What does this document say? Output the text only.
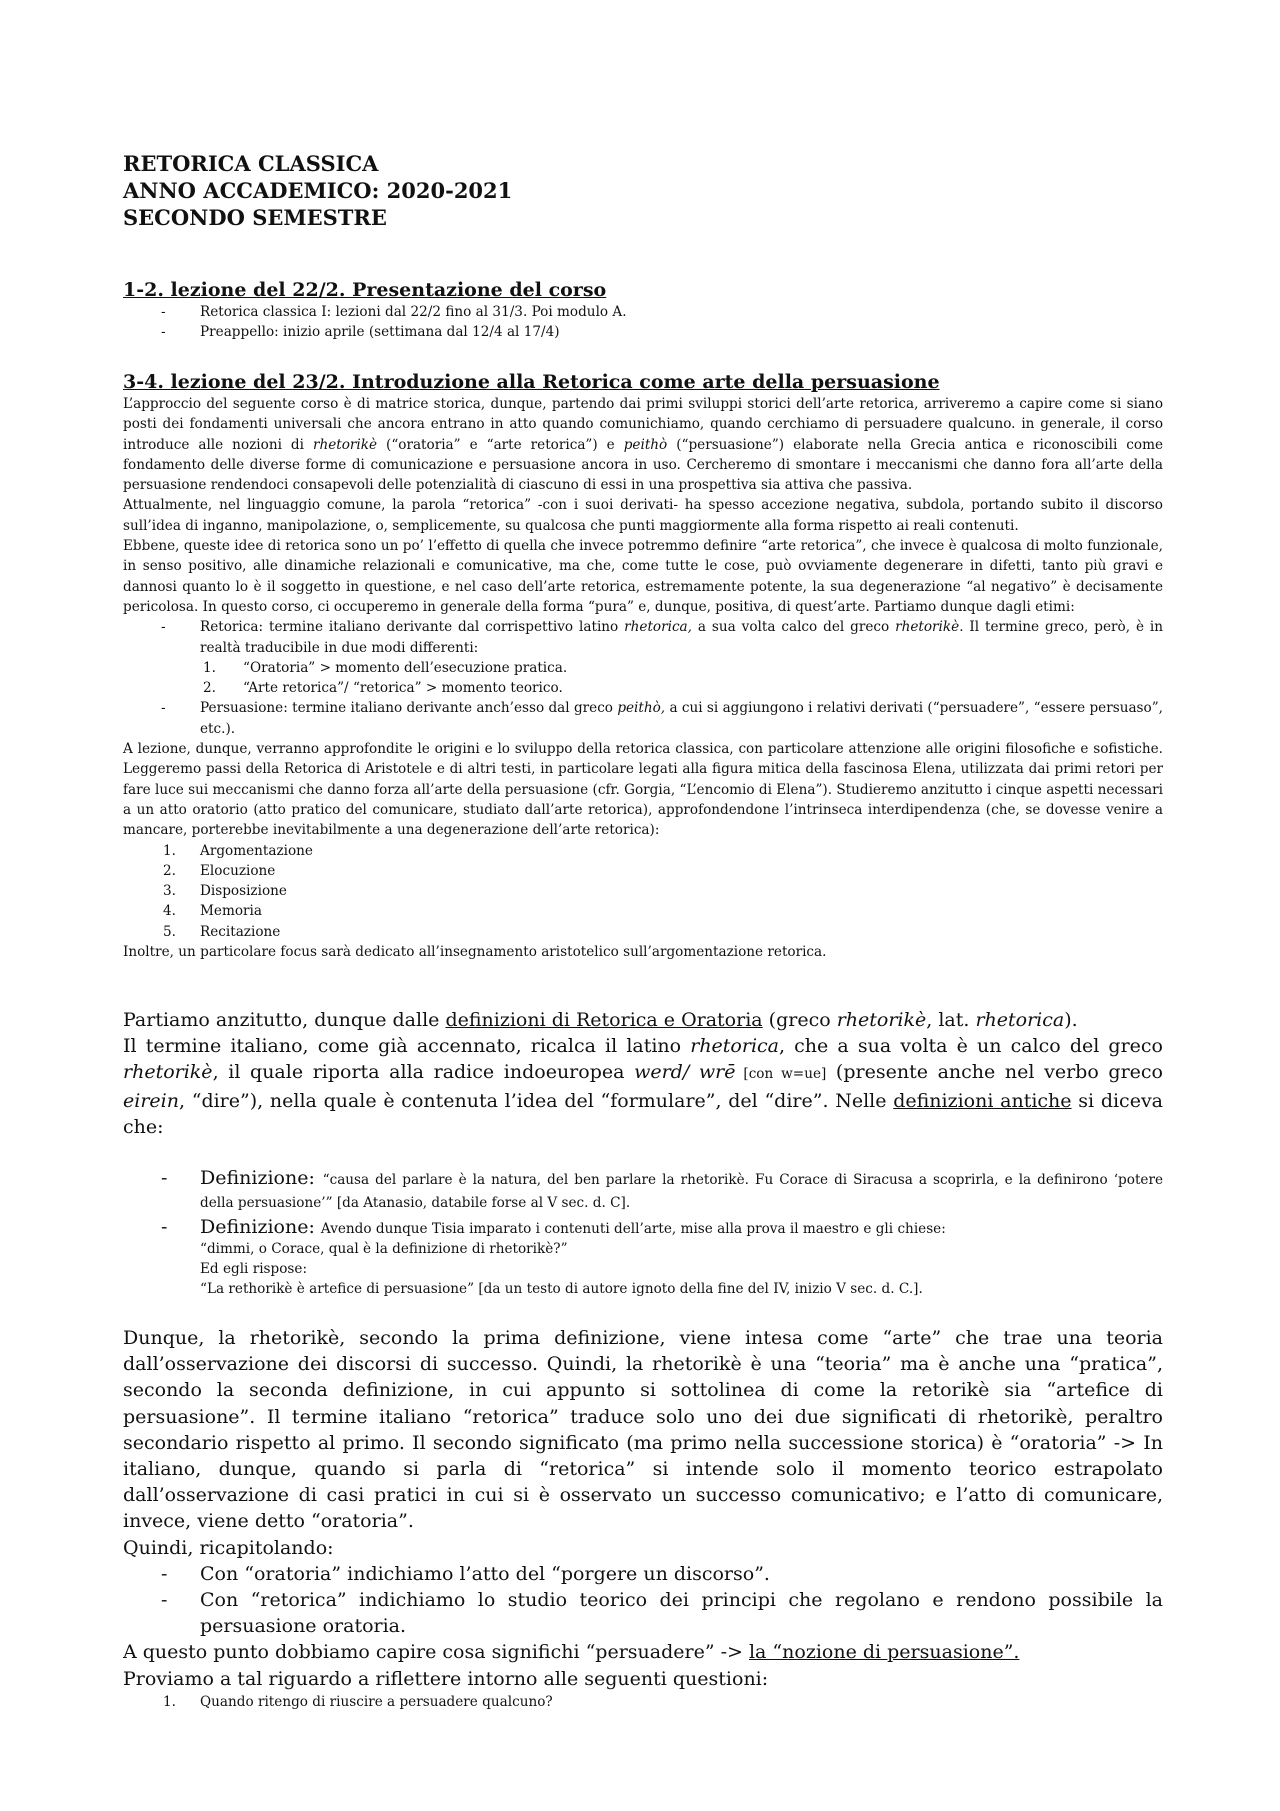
RETORICA CLASSICA

ANNO ACCADEMICO: 2020-2021

SECONDO SEMESTRE

1-2. lezione del 22/2. Presentazione del corso

- Retorica classica I: lezioni dal 22/2 fino al 31/3. Poi modulo A.
- Preappello: inizio aprile (settimana dal 12/4 al 17/4)

3-4. lezione del 23/2. Introduzione alla Retorica come arte della persuasione

L’approccio del seguente corso è di matrice storica, dunque, partendo dai primi sviluppi storici dell’arte retorica, arriveremo a capire come si siano posti dei fondamenti universali che ancora entrano in atto quando comunichiamo, quando cerchiamo di persuadere qualcuno. in generale, il corso introduce alle nozioni di rhetorikè (“oratoria” e “arte retorica”) e peithò (“persuasione”) elaborate nella Grecia antica e riconoscibili come fondamento delle diverse forme di comunicazione e persuasione ancora in uso. Cercheremo di smontare i meccanismi che danno fora all’arte della persuasione rendendoci consapevoli delle potenzialità di ciascuno di essi in una prospettiva sia attiva che passiva.

Attualmente, nel linguaggio comune, la parola “retorica” -con i suoi derivati- ha spesso accezione negativa, subdola, portando subito il discorso sull’idea di inganno, manipolazione, o, semplicemente, su qualcosa che punti maggiormente alla forma rispetto ai reali contenuti.

Ebbene, queste idee di retorica sono un po’ l’effetto di quella che invece potremmo definire “arte retorica”, che invece è qualcosa di molto funzionale, in senso positivo, alle dinamiche relazionali e comunicative, ma che, come tutte le cose, può ovviamente degenerare in difetti, tanto più gravi e dannosi quanto lo è il soggetto in questione, e nel caso dell’arte retorica, estremamente potente, la sua degenerazione “al negativo” è decisamente pericolosa. In questo corso, ci occuperemo in generale della forma “pura” e, dunque, positiva, di quest’arte. Partiamo dunque dagli etimi:

- Retorica: termine italiano derivante dal corrispettivo latino rhetorica, a sua volta calco del greco rhetorikè. Il termine greco, però, è in realtà traducibile in due modi differenti:
1. “Oratoria” > momento dell’esecuzione pratica.
2. “Arte retorica”/ “retorica” > momento teorico.
- Persuasione: termine italiano derivante anch’esso dal greco peithò, a cui si aggiungono i relativi derivati (“persuadere”, “essere persuaso”, etc.).

A lezione, dunque, verranno approfondite le origini e lo sviluppo della retorica classica, con particolare attenzione alle origini filosofiche e sofistiche. Leggeremo passi della Retorica di Aristotele e di altri testi, in particolare legati alla figura mitica della fascinosa Elena, utilizzata dai primi retori per fare luce sui meccanismi che danno forza all’arte della persuasione (cfr. Gorgia, “L’encomio di Elena”). Studieremo anzitutto i cinque aspetti necessari a un atto oratorio (atto pratico del comunicare, studiato dall’arte retorica), approfondendone l’intrinseca interdipendenza (che, se dovesse venire a mancare, porterebbe inevitabilmente a una degenerazione dell’arte retorica):

1. Argomentazione
2. Elocuzione
3. Disposizione
4. Memoria
5. Recitazione

Inoltre, un particolare focus sarà dedicato all’insegnamento aristotelico sull’argomentazione retorica.

Partiamo anzitutto, dunque dalle definizioni di Retorica e Oratoria (greco rhetorikè, lat. rhetorica).

Il termine italiano, come già accennato, ricalca il latino rhetorica, che a sua volta è un calco del greco rhetorikè, il quale riporta alla radice indoeuropea werd/ wrē [con w=ue] (presente anche nel verbo greco eirein, “dire”), nella quale è contenuta l’idea del “formulare”, del “dire”. Nelle definizioni antiche si diceva che:

- Definizione: “causa del parlare è la natura, del ben parlare la rhetorikè. Fu Corace di Siracusa a scoprirla, e la definirono ‘potere della persuasione’” [da Atanasio, databile forse al V sec. d. C].
- Definizione: Avendo dunque Tisia imparato i contenuti dell’arte, mise alla prova il maestro e gli chiese:
“dimmi, o Corace, qual è la definizione di rhetorikè?”
Ed egli rispose:
“La rethorikè è artefice di persuasione” [da un testo di autore ignoto della fine del IV, inizio V sec. d. C.].

Dunque, la rhetorikè, secondo la prima definizione, viene intesa come “arte” che trae una teoria dall’osservazione dei discorsi di successo. Quindi, la rhetorikè è una “teoria” ma è anche una “pratica”, secondo la seconda definizione, in cui appunto si sottolinea di come la retorikè sia “artefice di persuasione”. Il termine italiano “retorica” traduce solo uno dei due significati di rhetorikè, peraltro secondario rispetto al primo. Il secondo significato (ma primo nella successione storica) è “oratoria” -> In italiano, dunque, quando si parla di “retorica” si intende solo il momento teorico estrapolato dall’osservazione di casi pratici in cui si è osservato un successo comunicativo; e l’atto di comunicare, invece, viene detto “oratoria”.

Quindi, ricapitolando:

- Con “oratoria” indichiamo l’atto del “porgere un discorso”.
- Con “retorica” indichiamo lo studio teorico dei principi che regolano e rendono possibile la persuasione oratoria.

A questo punto dobbiamo capire cosa significhi “persuadere” -> la “nozione di persuasione”.

Proviamo a tal riguardo a riflettere intorno alle seguenti questioni:

1. Quando ritengo di riuscire a persuadere qualcuno?
